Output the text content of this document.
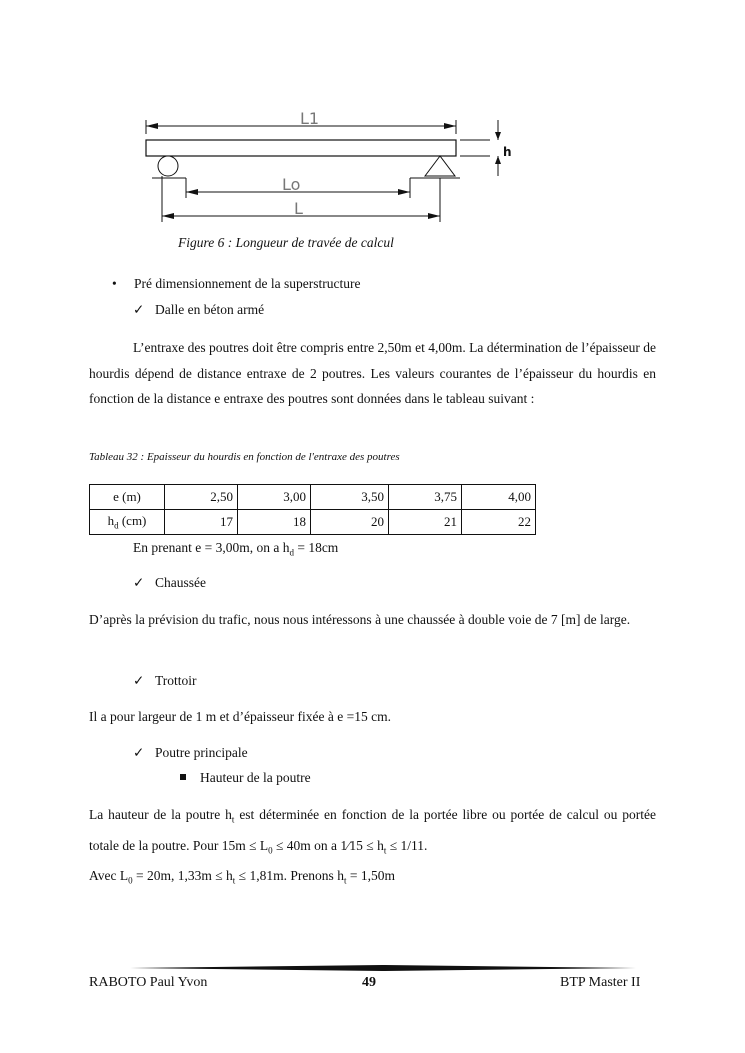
L1
h
Lo
L
Figure 6 : Longueur de travée de calcul
• Pré dimensionnement de la superstructure
✓ Dalle en béton armé
L’entraxe des poutres doit être compris entre 2,50m et 4,00m. La détermination de l’épaisseur de hourdis dépend de distance entraxe de 2 poutres. Les valeurs courantes de l’épaisseur du hourdis en fonction de la distance e entraxe des poutres sont données dans le tableau suivant :
Tableau 32 : Epaisseur du hourdis en fonction de l'entraxe des poutres
e (m)	2,50	3,00	3,50	3,75	4,00
$h_d$ (cm)	17	18	20	21	22
En prenant e = 3,00m, on a $h_d = 18cm$
✓ Chaussée
D’après la prévision du trafic, nous nous intéressons à une chaussée à double voie de 7 [m] de large.
✓ Trottoir
Il a pour largeur de 1 m et d’épaisseur fixée à e =15 cm.
✓ Poutre principale
Hauteur de la poutre
La hauteur de la poutre $h_t$ est déterminée en fonction de la portée libre ou portée de calcul ou portée totale de la poutre. Pour $15m \le L_0 \le 40m$ on a 1⁄15 ≤ $h_t \le 1/11$.
Avec $L_0 = 20m$, $1,33m \le h_t \le 1,81m$. Prenons $h_t = 1,50m$
RABOTO Paul Yvon	49	BTP Master II
